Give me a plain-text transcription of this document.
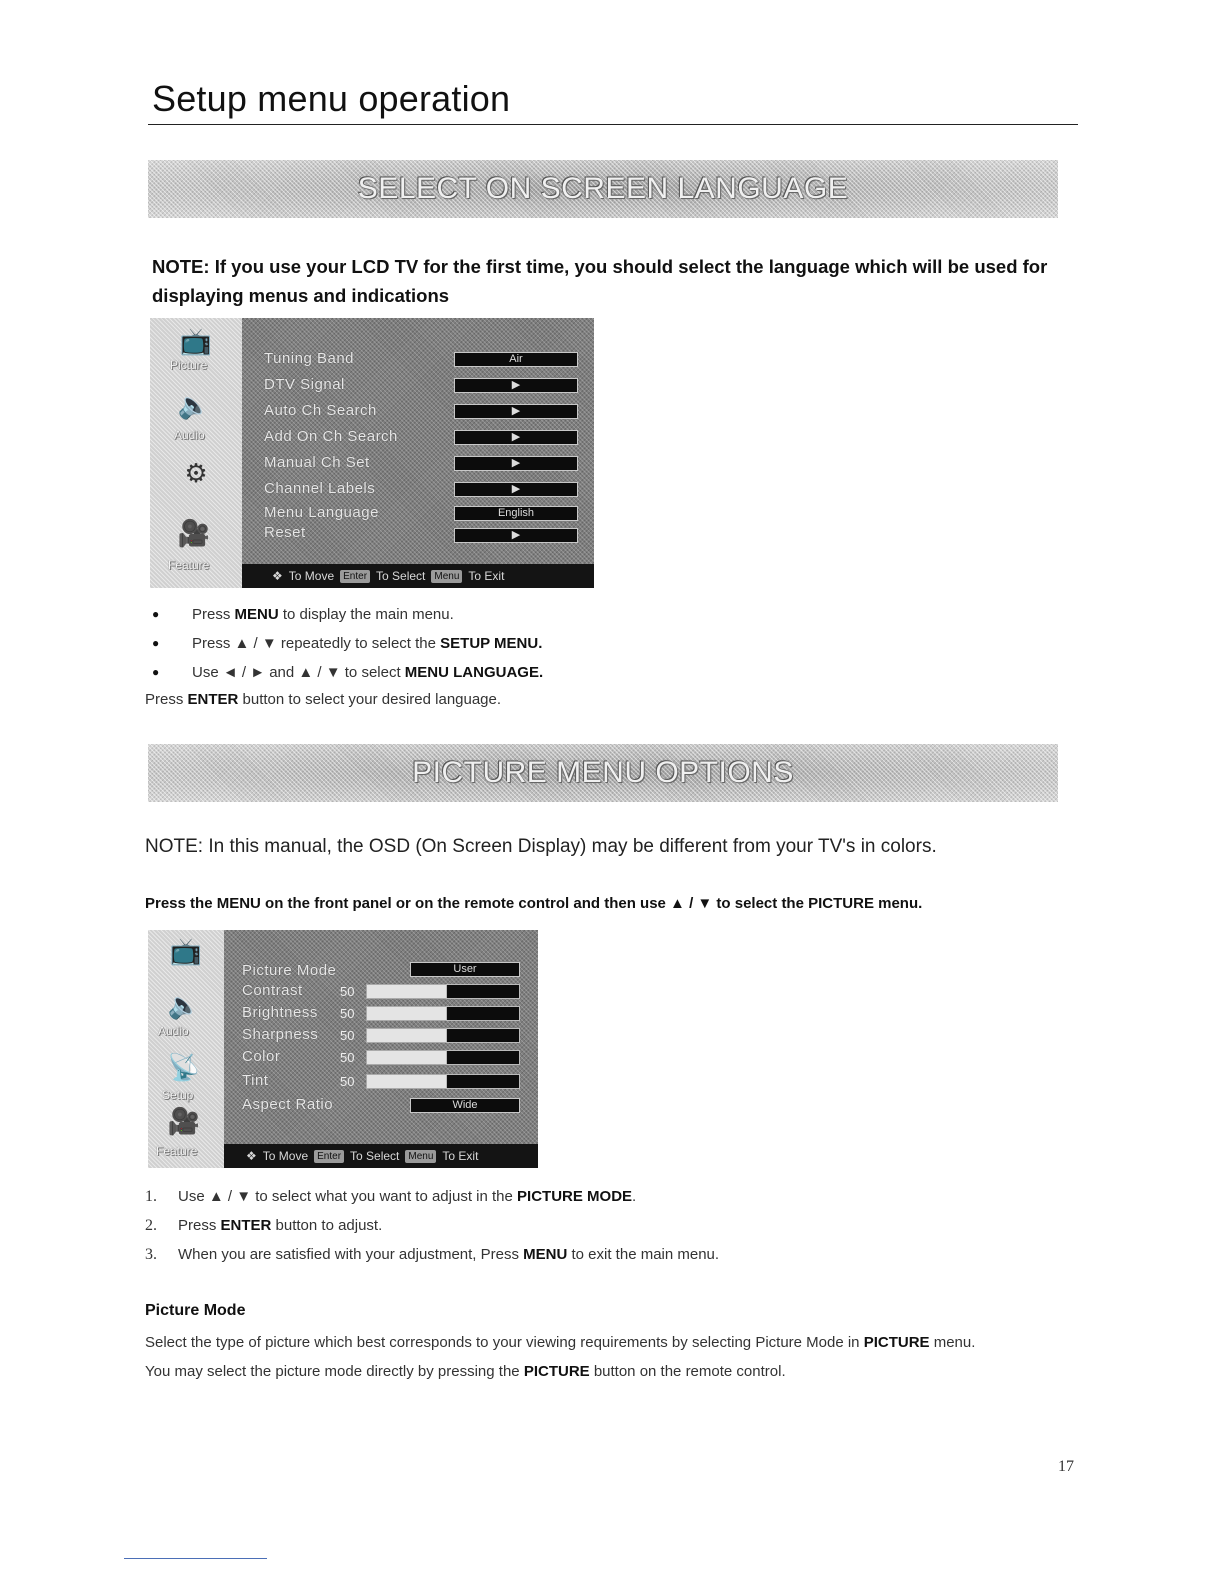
Setup menu operation
SELECT ON SCREEN LANGUAGE
NOTE: If you use your LCD TV for the first time, you should select the language which will be used for displaying menus and indications
📺
Picture
🔈
Audio
⚙
🎥
Feature
Tuning Band	Air
DTV Signal	▶
Auto Ch Search	▶
Add On Ch Search	▶
Manual Ch Set	▶
Channel Labels	▶
Menu Language	English
Reset	▶
❖ To Move Enter To Select Menu To Exit
● Press MENU to display the main menu.
● Press ▲ / ▼ repeatedly to select the SETUP MENU.
● Use ◄ / ► and ▲ / ▼ to select MENU LANGUAGE.
Press ENTER button to select your desired language.
PICTURE MENU OPTIONS
NOTE: In this manual, the OSD (On Screen Display) may be different from your TV's in colors.
Press the MENU on the front panel or on the remote control and then use ▲ / ▼ to select the PICTURE menu.
📺
🔈
Audio
📡
Setup
🎥
Feature
Picture Mode	User
Contrast	50
Brightness 50
Sharpness 50
Color	50
Tint	50
Aspect Ratio	Wide
❖ To Move Enter To Select Menu To Exit
1. Use ▲ / ▼ to select what you want to adjust in the PICTURE MODE.
2. Press ENTER button to adjust.
3. When you are satisfied with your adjustment, Press MENU to exit the main menu.
Picture Mode
Select the type of picture which best corresponds to your viewing requirements by selecting Picture Mode in PICTURE menu.
You may select the picture mode directly by pressing the PICTURE button on the remote control.
17
